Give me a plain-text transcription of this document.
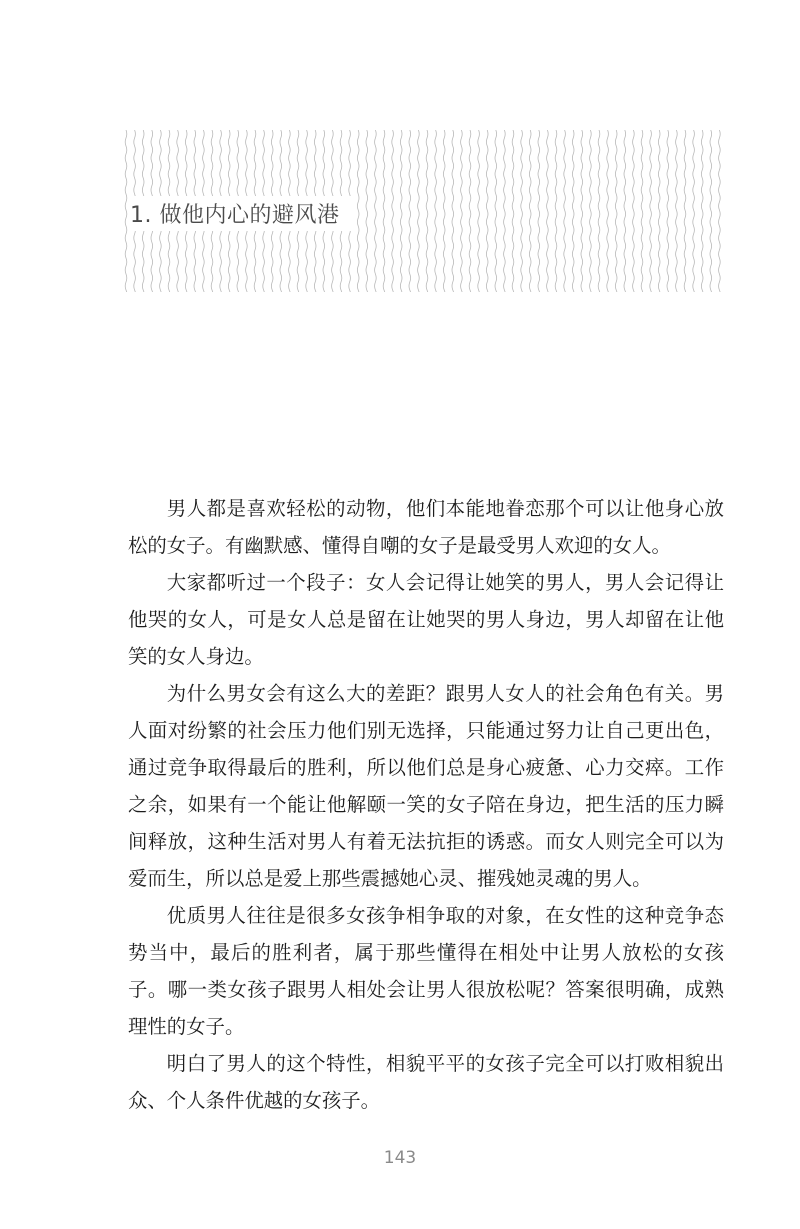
1. 做他内心的避风港

男人都是喜欢轻松的动物，他们本能地眷恋那个可以让他身心放松的女子。有幽默感、懂得自嘲的女子是最受男人欢迎的女人。

大家都听过一个段子：女人会记得让她笑的男人，男人会记得让他哭的女人，可是女人总是留在让她哭的男人身边，男人却留在让他笑的女人身边。

为什么男女会有这么大的差距？跟男人女人的社会角色有关。男人面对纷繁的社会压力他们别无选择，只能通过努力让自己更出色，通过竞争取得最后的胜利，所以他们总是身心疲惫、心力交瘁。工作之余，如果有一个能让他解颐一笑的女子陪在身边，把生活的压力瞬间释放，这种生活对男人有着无法抗拒的诱惑。而女人则完全可以为爱而生，所以总是爱上那些震撼她心灵、摧残她灵魂的男人。

优质男人往往是很多女孩争相争取的对象，在女性的这种竞争态势当中，最后的胜利者，属于那些懂得在相处中让男人放松的女孩子。哪一类女孩子跟男人相处会让男人很放松呢？答案很明确，成熟理性的女子。

明白了男人的这个特性，相貌平平的女孩子完全可以打败相貌出众、个人条件优越的女孩子。

143
